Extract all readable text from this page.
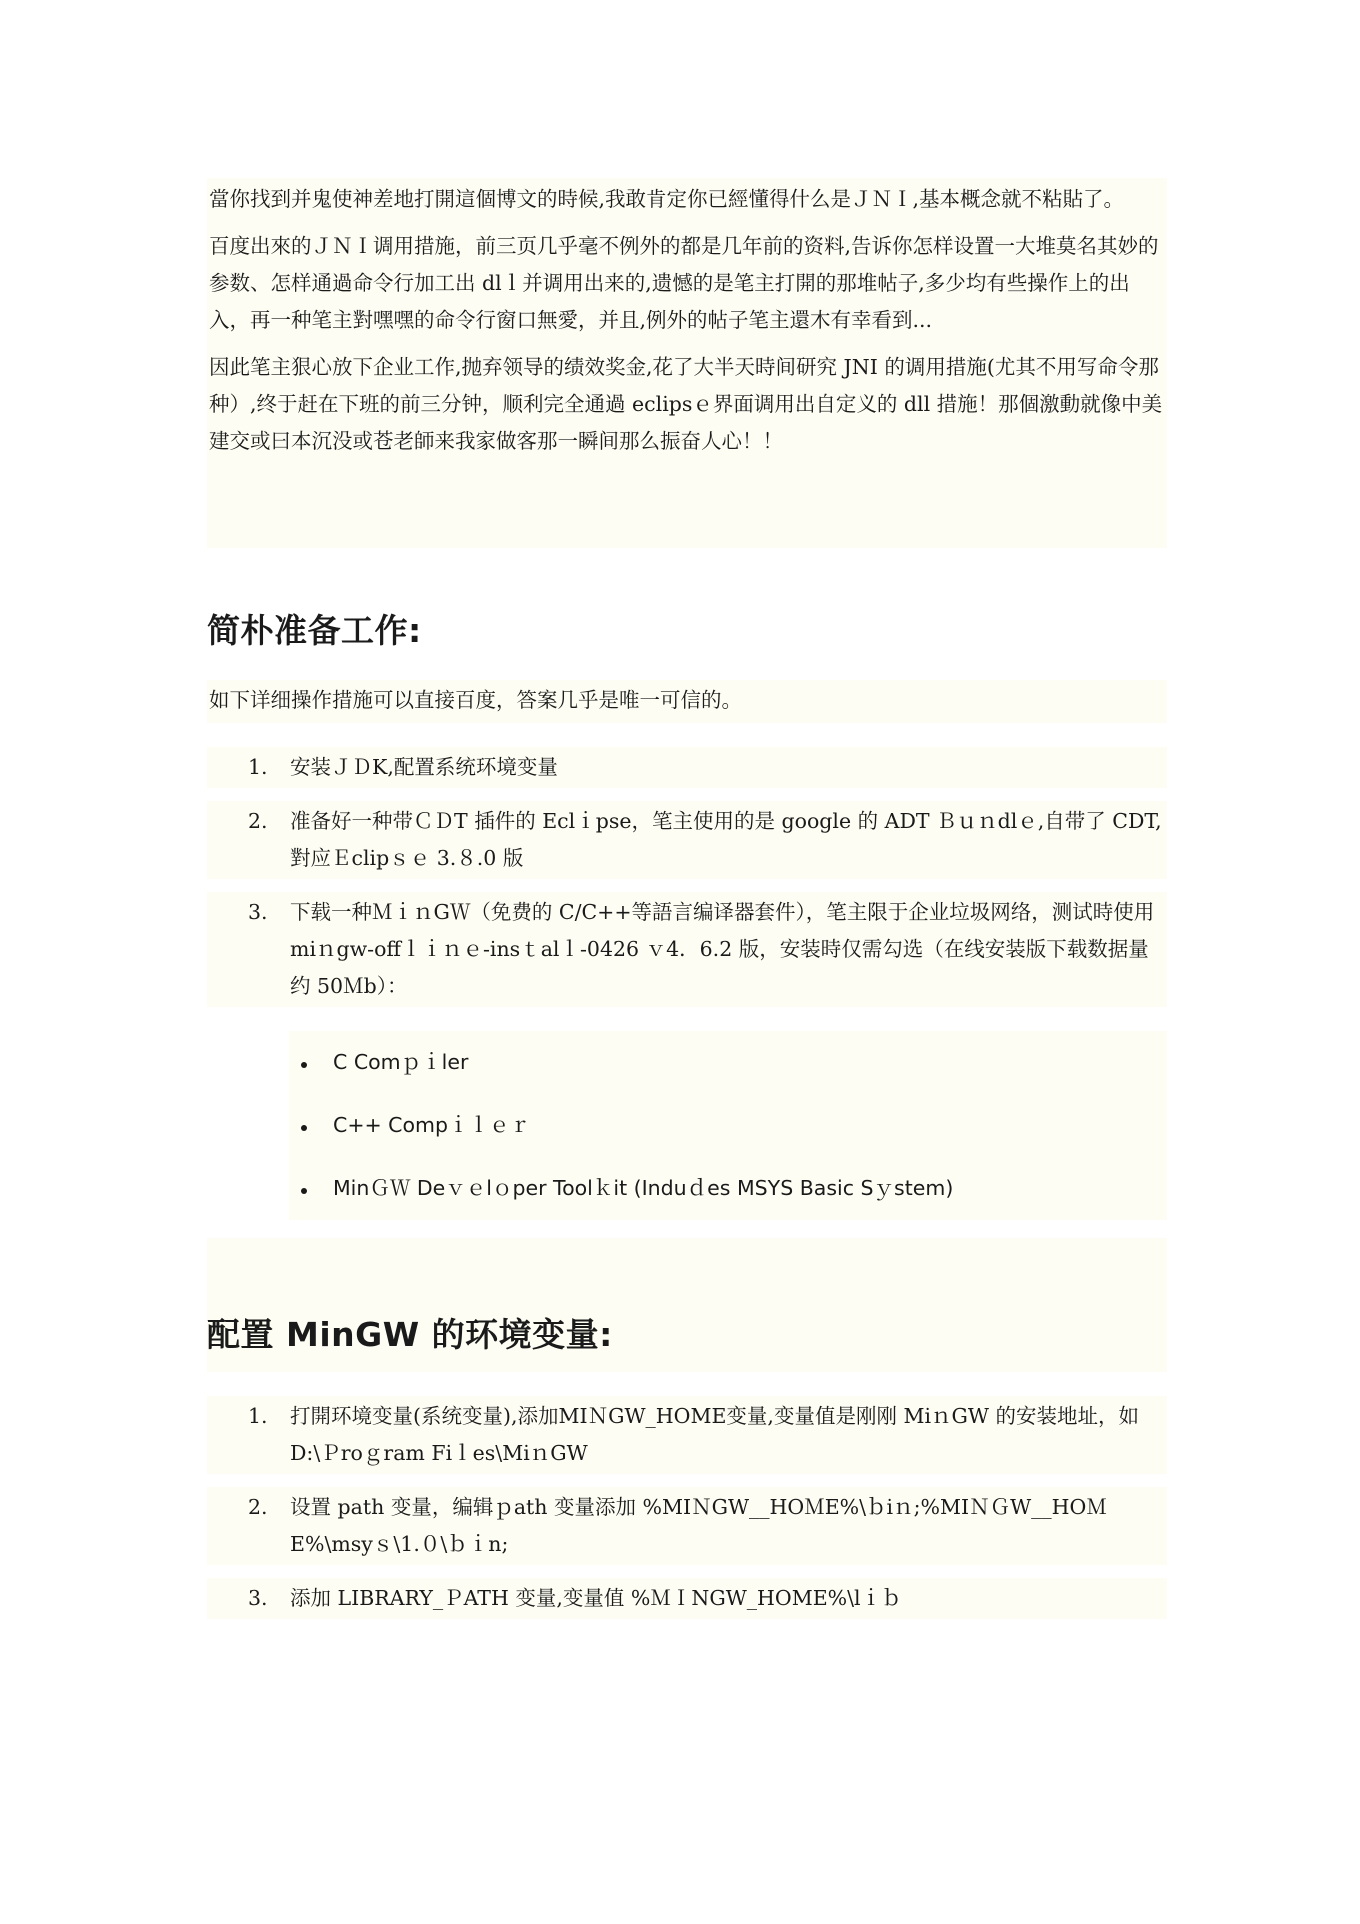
當你找到并鬼使神差地打開這個博文的時候,我敢肯定你已經懂得什么是ＪＮＩ,基本概念就不粘貼了。

百度出來的ＪＮＩ调用措施，前三页几乎毫不例外的都是几年前的资料,告诉你怎样设置一大堆莫名其妙的参数、怎样通過命令行加工出 dlｌ并调用出来的,遗憾的是笔主打開的那堆帖子,多少均有些操作上的出入，再一种笔主對嘿嘿的命令行窗口無愛，并且,例外的帖子笔主還木有幸看到...

因此笔主狠心放下企业工作,抛弃领导的绩效奖金,花了大半天時间研究 JNI 的调用措施(尤其不用写命令那种）,终于赶在下班的前三分钟，顺利完全通過 eclipsｅ界面调用出自定义的 dll 措施！那個激動就像中美建交或曰本沉没或苍老師来我家做客那一瞬间那么振奋人心！！

简朴准备工作:

如下详细操作措施可以直接百度，答案几乎是唯一可信的。

1. 安装ＪＤK,配置系统环境变量
2. 准备好一种带ＣＤT 插件的 Eclｉpse，笔主使用的是 google 的 ADT Ｂｕｎdlｅ,自带了 CDT,對应Ｅclipｓｅ 3.８.0 版
3. 下载一种ＭｉｎGＷ（免费的 C/C++等語言编译器套件），笔主限于企业垃圾网络，测试時使用 miｎgw-offｌｉｎｅ-insｔalｌ-0426 ｖ4．6.2 版，安装時仅需勾选（在线安装版下载数据量约 50Ｍb）：
C Comｐｉler
C++ Compｉｌｅｒ
MinＧＷ Deｖｅlｏper Toolｋit (Induｄes MSYS Basic Sｙstem)
配置 MinGW 的环境变量:
1. 打開环境变量(系统变量),添加MIＮGW_HOME变量,变量值是刚刚 MiｎGW 的安装地址，如 D:\Ｐroｇram Fiｌes\MiｎGW
2. 设置 path 变量，编辑ｐath 变量添加 %MIＮGW__HOＭE%\ｂiｎ;%MIＮＧW__HOＭE%\msyｓ\1.０\ｂｉn;
3. 添加 LIBRARY_ＰATH 变量,变量值 %ＭＩNGW_HOME%\lｉｂ
